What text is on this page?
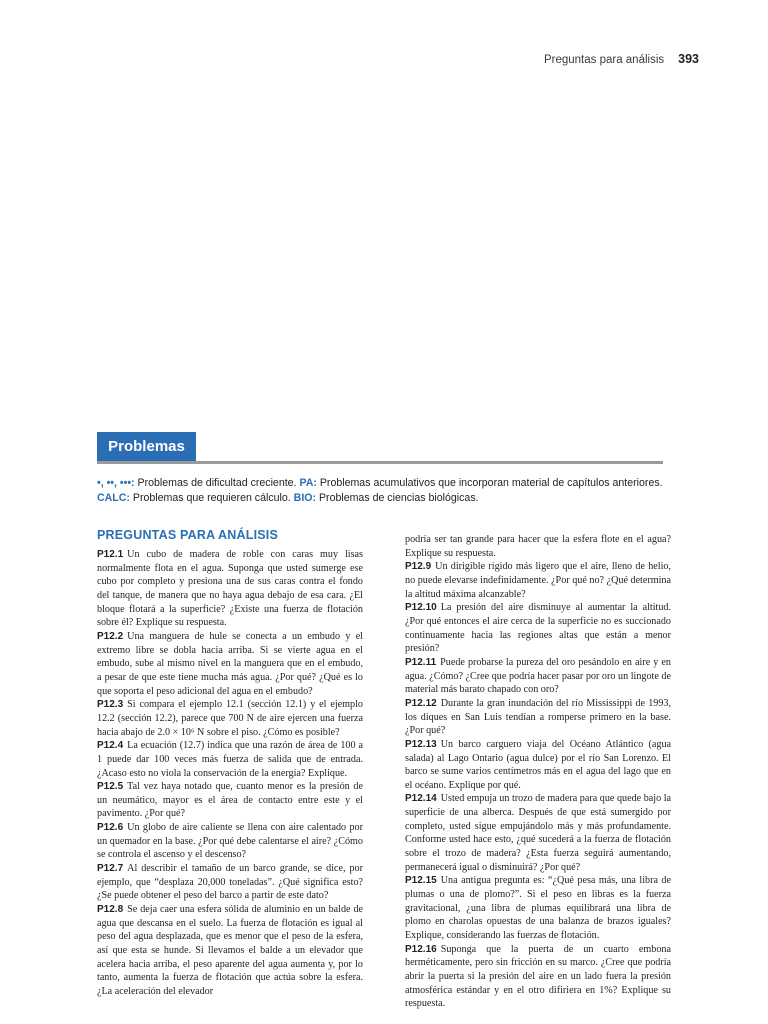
Preguntas para análisis 393
Problemas
•, ••, •••: Problemas de dificultad creciente. PA: Problemas acumulativos que incorporan material de capítulos anteriores.
CALC: Problemas que requieren cálculo. BIO: Problemas de ciencias biológicas.
PREGUNTAS PARA ANÁLISIS

P12.1 Un cubo de madera de roble con caras muy lisas normalmente flota en el agua. Suponga que usted sumerge ese cubo por completo y presiona una de sus caras contra el fondo del tanque, de manera que no haya agua debajo de esa cara. ¿El bloque flotará a la superficie? ¿Existe una fuerza de flotación sobre él? Explique su respuesta.

P12.2 Una manguera de hule se conecta a un embudo y el extremo libre se dobla hacia arriba. Si se vierte agua en el embudo, sube al mismo nivel en la manguera que en el embudo, a pesar de que este tiene mucha más agua. ¿Por qué? ¿Qué es lo que soporta el peso adicional del agua en el embudo?

P12.3 Si compara el ejemplo 12.1 (sección 12.1) y el ejemplo 12.2 (sección 12.2), parece que 700 N de aire ejercen una fuerza hacia abajo de 2.0 × 10⁶ N sobre el piso. ¿Cómo es posible?

P12.4 La ecuación (12.7) indica que una razón de área de 100 a 1 puede dar 100 veces más fuerza de salida que de entrada. ¿Acaso esto no viola la conservación de la energía? Explique.

P12.5 Tal vez haya notado que, cuanto menor es la presión de un neumático, mayor es el área de contacto entre este y el pavimento. ¿Por qué?

P12.6 Un globo de aire caliente se llena con aire calentado por un quemador en la base. ¿Por qué debe calentarse el aire? ¿Cómo se controla el ascenso y el descenso?

P12.7 Al describir el tamaño de un barco grande, se dice, por ejemplo, que “desplaza 20,000 toneladas”. ¿Qué significa esto? ¿Se puede obtener el peso del barco a partir de este dato?

P12.8 Se deja caer una esfera sólida de aluminio en un balde de agua que descansa en el suelo. La fuerza de flotación es igual al peso del agua desplazada, que es menor que el peso de la esfera, así que esta se hunde. Si llevamos el balde a un elevador que acelera hacia arriba, el peso aparente del agua aumenta y, por lo tanto, aumenta la fuerza de flotación que actúa sobre la esfera. ¿La aceleración del elevador

podría ser tan grande para hacer que la esfera flote en el agua? Explique su respuesta.

P12.9 Un dirigible rígido más ligero que el aire, lleno de helio, no puede elevarse indefinidamente. ¿Por qué no? ¿Qué determina la altitud máxima alcanzable?

P12.10 La presión del aire disminuye al aumentar la altitud. ¿Por qué entonces el aire cerca de la superficie no es succionado continuamente hacia las regiones altas que están a menor presión?

P12.11 Puede probarse la pureza del oro pesándolo en aire y en agua. ¿Cómo? ¿Cree que podría hacer pasar por oro un lingote de material más barato chapado con oro?

P12.12 Durante la gran inundación del río Mississippi de 1993, los diques en San Luis tendían a romperse primero en la base. ¿Por qué?

P12.13 Un barco carguero viaja del Océano Atlántico (agua salada) al Lago Ontario (agua dulce) por el río San Lorenzo. El barco se sume varios centímetros más en el agua del lago que en el océano. Explique por qué.

P12.14 Usted empuja un trozo de madera para que quede bajo la superficie de una alberca. Después de que está sumergido por completo, usted sigue empujándolo más y más profundamente. Conforme usted hace esto, ¿qué sucederá a la fuerza de flotación sobre el trozo de madera? ¿Esta fuerza seguirá aumentando, permanecerá igual o disminuirá? ¿Por qué?

P12.15 Una antigua pregunta es: “¿Qué pesa más, una libra de plumas o una de plomo?”. Si el peso en libras es la fuerza gravitacional, ¿una libra de plumas equilibrará una libra de plomo en charolas opuestas de una balanza de brazos iguales? Explique, considerando las fuerzas de flotación.

P12.16 Suponga que la puerta de un cuarto embona herméticamente, pero sin fricción en su marco. ¿Cree que podría abrir la puerta si la presión del aire en un lado fuera la presión atmosférica estándar y en el otro difiriera en 1%? Explique su respuesta.
